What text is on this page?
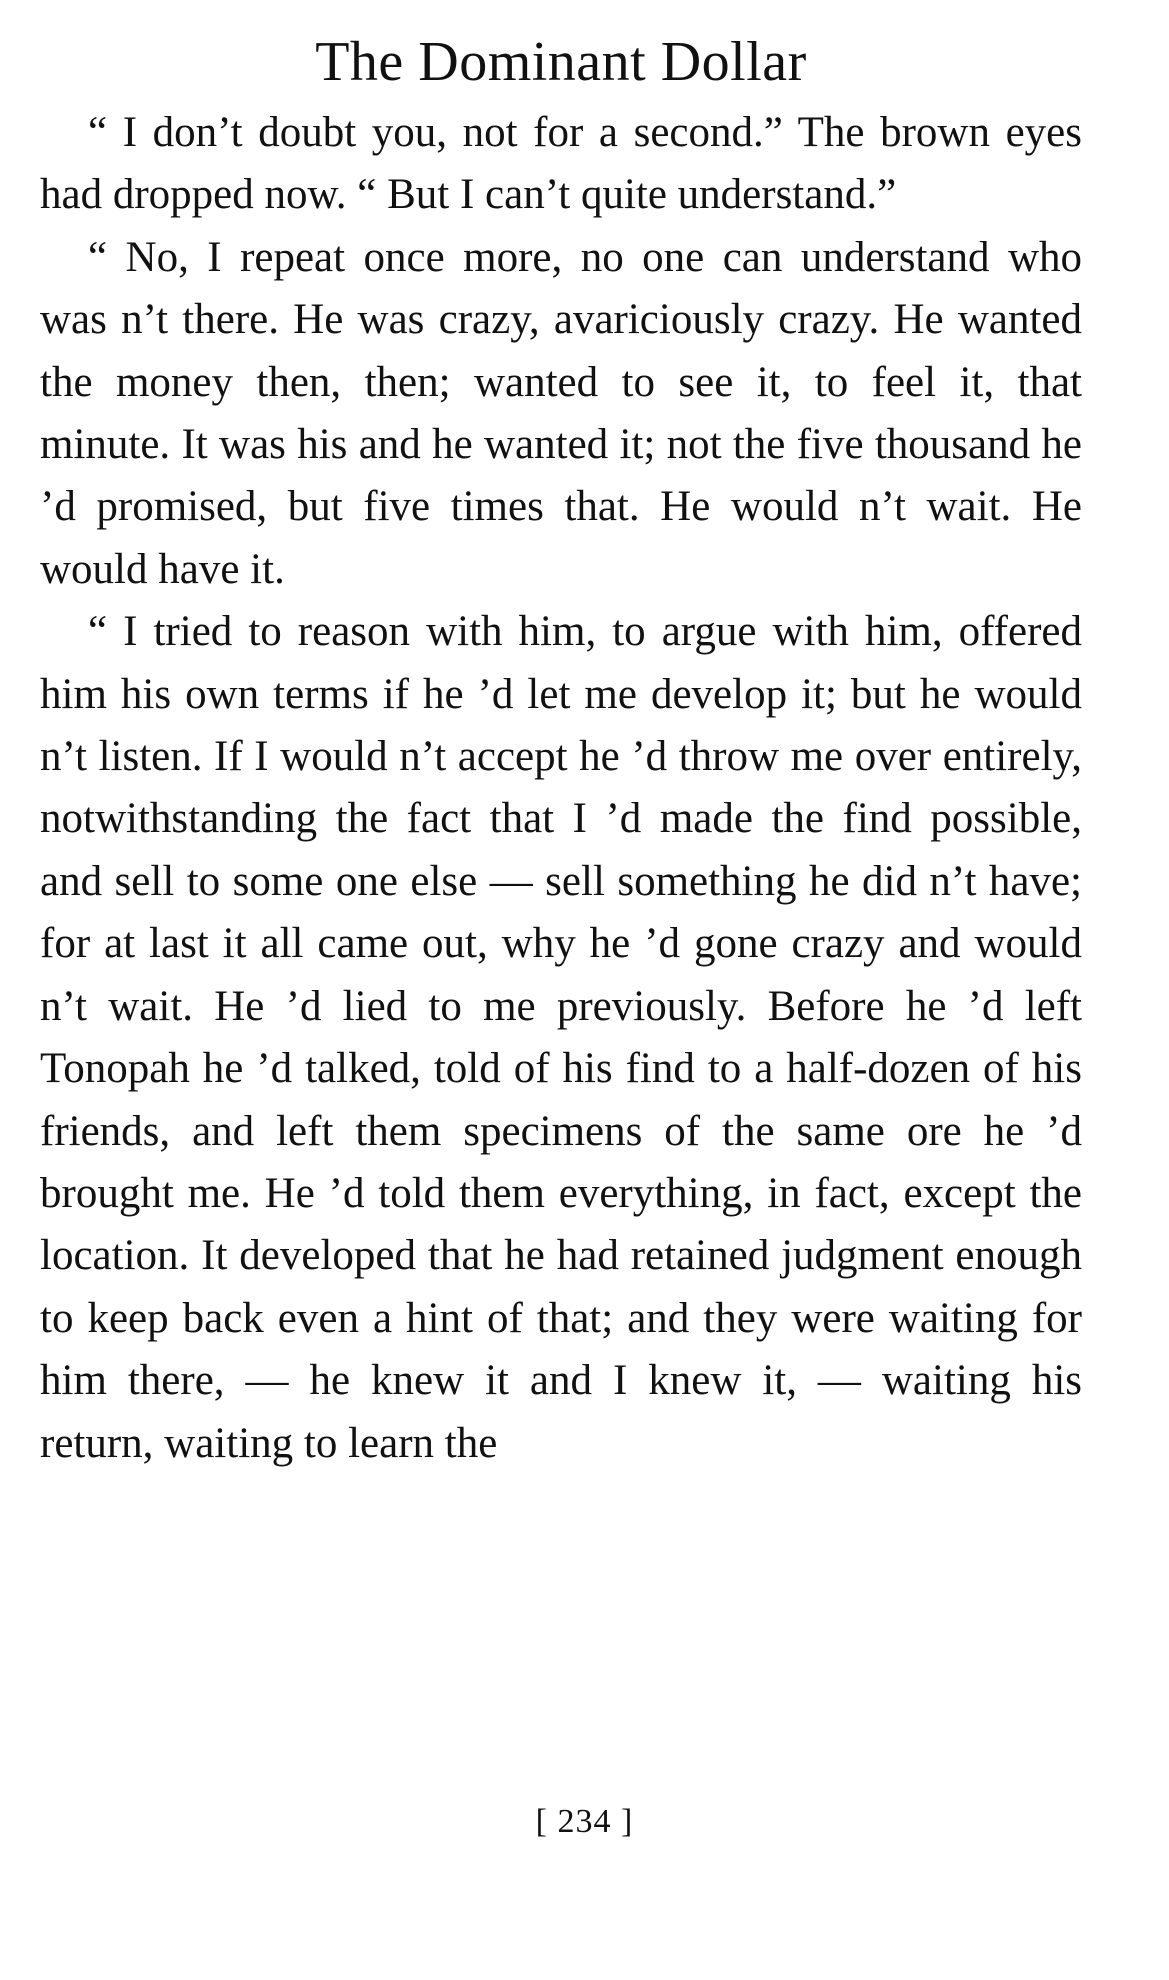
The Dominant Dollar

“ I don’t doubt you, not for a second.” The brown eyes had dropped now. “ But I can’t quite understand.”

“ No, I repeat once more, no one can understand who was n’t there. He was crazy, avariciously crazy. He wanted the money then, then; wanted to see it, to feel it, that minute. It was his and he wanted it; not the five thousand he ’d promised, but five times that. He would n’t wait. He would have it.

“ I tried to reason with him, to argue with him, offered him his own terms if he ’d let me develop it; but he would n’t listen. If I would n’t accept he ’d throw me over entirely, notwithstanding the fact that I ’d made the find possible, and sell to some one else — sell something he did n’t have; for at last it all came out, why he ’d gone crazy and would n’t wait. He ’d lied to me previously. Before he ’d left Tonopah he ’d talked, told of his find to a half-dozen of his friends, and left them specimens of the same ore he ’d brought me. He ’d told them everything, in fact, except the location. It developed that he had retained judgment enough to keep back even a hint of that; and they were waiting for him there, — he knew it and I knew it, — waiting his return, waiting to learn the

[ 234 ]
